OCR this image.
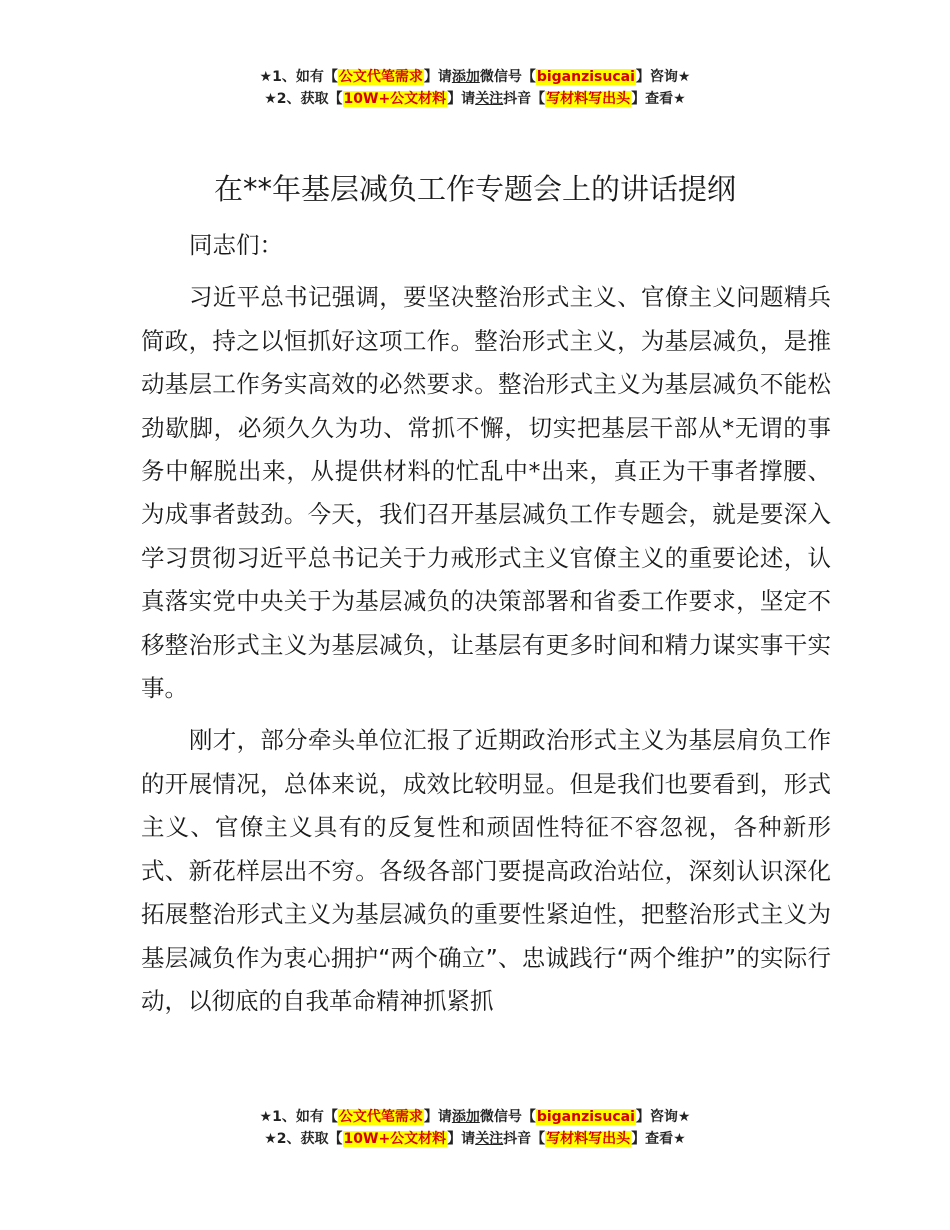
★1、如有【公文代笔需求】请添加微信号【biganzisucai】咨询★
★2、获取【10W+公文材料】请关注抖音【写材料写出头】查看★
在**年基层减负工作专题会上的讲话提纲

同志们：

习近平总书记强调，要坚决整治形式主义、官僚主义问题精兵简政，持之以恒抓好这项工作。整治形式主义，为基层减负，是推动基层工作务实高效的必然要求。整治形式主义为基层减负不能松劲歇脚，必须久久为功、常抓不懈，切实把基层干部从*无谓的事务中解脱出来，从提供材料的忙乱中*出来，真正为干事者撑腰、为成事者鼓劲。今天，我们召开基层减负工作专题会，就是要深入学习贯彻习近平总书记关于力戒形式主义官僚主义的重要论述，认真落实党中央关于为基层减负的决策部署和省委工作要求，坚定不移整治形式主义为基层减负，让基层有更多时间和精力谋实事干实事。

刚才，部分牵头单位汇报了近期政治形式主义为基层肩负工作的开展情况，总体来说，成效比较明显。但是我们也要看到，形式主义、官僚主义具有的反复性和顽固性特征不容忽视，各种新形式、新花样层出不穷。各级各部门要提高政治站位，深刻认识深化拓展整治形式主义为基层减负的重要性紧迫性，把整治形式主义为基层减负作为衷心拥护“两个确立”、忠诚践行“两个维护”的实际行动，以彻底的自我革命精神抓紧抓

★1、如有【公文代笔需求】请添加微信号【biganzisucai】咨询★
★2、获取【10W+公文材料】请关注抖音【写材料写出头】查看★
